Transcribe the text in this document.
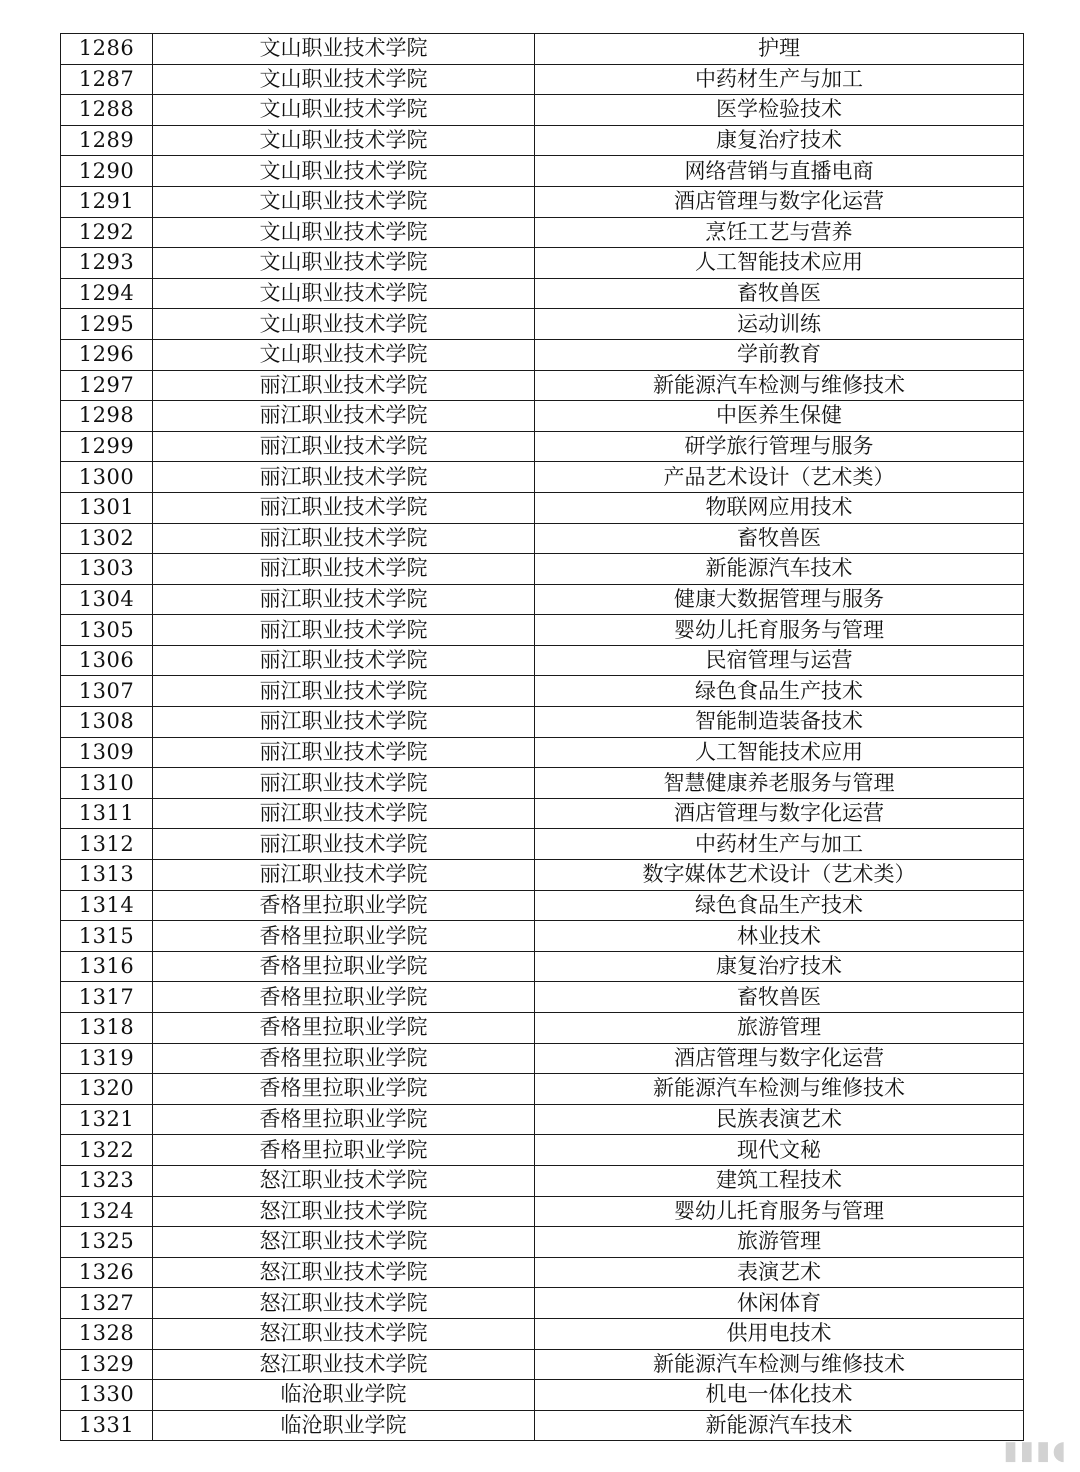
1286	文山职业技术学院	护理
1287	文山职业技术学院	中药材生产与加工
1288	文山职业技术学院	医学检验技术
1289	文山职业技术学院	康复治疗技术
1290	文山职业技术学院	网络营销与直播电商
1291	文山职业技术学院	酒店管理与数字化运营
1292	文山职业技术学院	烹饪工艺与营养
1293	文山职业技术学院	人工智能技术应用
1294	文山职业技术学院	畜牧兽医
1295	文山职业技术学院	运动训练
1296	文山职业技术学院	学前教育
1297	丽江职业技术学院	新能源汽车检测与维修技术
1298	丽江职业技术学院	中医养生保健
1299	丽江职业技术学院	研学旅行管理与服务
1300	丽江职业技术学院	产品艺术设计（艺术类）
1301	丽江职业技术学院	物联网应用技术
1302	丽江职业技术学院	畜牧兽医
1303	丽江职业技术学院	新能源汽车技术
1304	丽江职业技术学院	健康大数据管理与服务
1305	丽江职业技术学院	婴幼儿托育服务与管理
1306	丽江职业技术学院	民宿管理与运营
1307	丽江职业技术学院	绿色食品生产技术
1308	丽江职业技术学院	智能制造装备技术
1309	丽江职业技术学院	人工智能技术应用
1310	丽江职业技术学院	智慧健康养老服务与管理
1311	丽江职业技术学院	酒店管理与数字化运营
1312	丽江职业技术学院	中药材生产与加工
1313	丽江职业技术学院	数字媒体艺术设计（艺术类）
1314	香格里拉职业学院	绿色食品生产技术
1315	香格里拉职业学院	林业技术
1316	香格里拉职业学院	康复治疗技术
1317	香格里拉职业学院	畜牧兽医
1318	香格里拉职业学院	旅游管理
1319	香格里拉职业学院	酒店管理与数字化运营
1320	香格里拉职业学院	新能源汽车检测与维修技术
1321	香格里拉职业学院	民族表演艺术
1322	香格里拉职业学院	现代文秘
1323	怒江职业技术学院	建筑工程技术
1324	怒江职业技术学院	婴幼儿托育服务与管理
1325	怒江职业技术学院	旅游管理
1326	怒江职业技术学院	表演艺术
1327	怒江职业技术学院	休闲体育
1328	怒江职业技术学院	供用电技术
1329	怒江职业技术学院	新能源汽车检测与维修技术
1330	临沧职业学院	机电一体化技术
1331	临沧职业学院	新能源汽车技术
▮▮▮◖
